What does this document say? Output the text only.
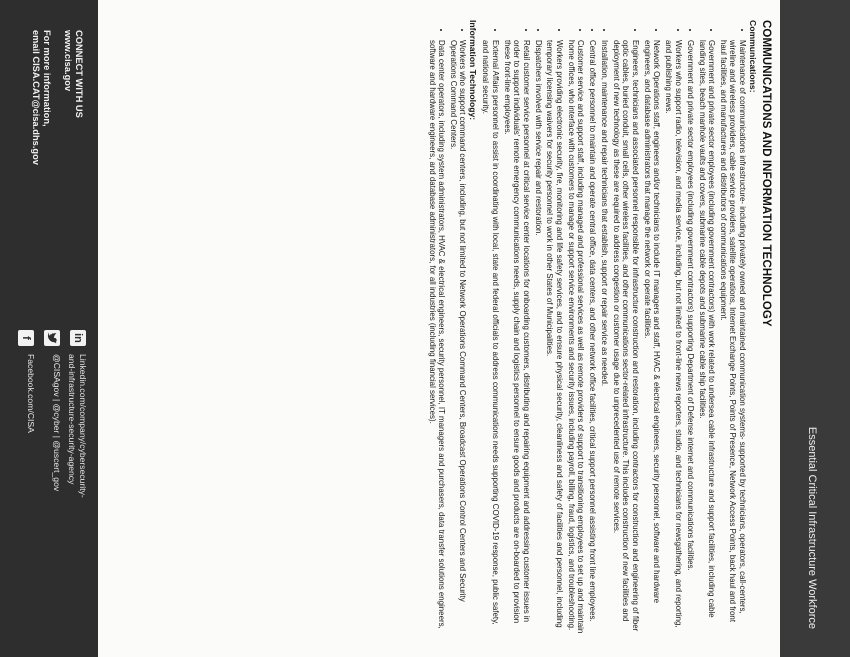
Essential Critical Infrastructure Workforce
COMMUNICATIONS AND INFORMATION TECHNOLOGY
Communications:
• Maintenance of communications infrastructure- including privately owned and maintained communication systems- supported by technicians, operators, call-centers, wireline and wireless providers, cable service providers, satellite operations, Internet Exchange Points, Points of Presence, Network Access Points, back haul and front haul facilities, and manufacturers and distributors of communications equipment.
• Government and private sector employees (including government contractors) with work related to undersea cable infrastructure and support facilities, including cable landing sites, beach manhole vaults and covers, submarine cable depots and submarine cable ship facilities.
• Government and private sector employees (including government contractors) supporting Department of Defense internet and communications facilities.
• Workers who support radio, television, and media service, including, but not limited to front-line news reporters, studio, and technicians for newsgathering, and reporting, and publishing news.
• Network Operations staff, engineers and/or technicians to include IT managers and staff, HVAC & electrical engineers, security personnel, software and hardware engineers, and database administrators that manage the network or operate facilities.
• Engineers, technicians and associated personnel responsible for infrastructure construction and restoration, including contractors for construction and engineering of fiber optic cables, buried conduit, small cells, other wireless facilities, and other communications sector-related infrastructure. This includes construction of new facilities and deployment of new technology as these are required to address congestion or customer usage due to unprecedented use of remote services.
• Installation, maintenance and repair technicians that establish, support or repair service as needed.
• Central office personnel to maintain and operate central office, data centers, and other network office facilities, critical support personnel assisting front line employees.
• Customer service and support staff, including managed and professional services as well as remote providers of support to transitioning employees to set up and maintain home offices, who interface with customers to manage or support service environments and security issues, including payroll, billing, fraud, logistics, and troubleshooting.
• Workers providing electronic security, fire, monitoring and life safety services, and to ensure physical security, cleanliness and safety of facilities and personnel, including temporary licensing waivers for security personnel to work in other States of Municipalities.
• Dispatchers involved with service repair and restoration.
• Retail customer service personnel at critical service center locations for onboarding customers, distributing and repairing equipment and addressing customer issues in order to support individuals' remote emergency communications needs, supply chain and logistics personnel to ensure goods and products are on-boarded to provision these front-line employees.
• External Affairs personnel to assist in coordinating with local, state and federal officials to address communications needs supporting COVID-19 response, public safety, and national security.
Information Technology:
• Workers who support command centers, including, but not limited to Network Operations Command Centers, Broadcast Operations Control Centers and Security Operations Command Centers.
• Data center operators, including system administrators, HVAC & electrical engineers, security personnel, IT managers and purchasers, data transfer solutions engineers, software and hardware engineers, and database administrators, for all industries (including financial services).
CONNECT WITH US
www.cisa.gov
For more information,
email CISA.CAT@cisa.dhs.gov
in
Linkedin.com/company/cybersecurity-
and-infrastructure-security-agency
@CISAgov | @cyber | @uscert_gov
f
Facebook.com/CISA
